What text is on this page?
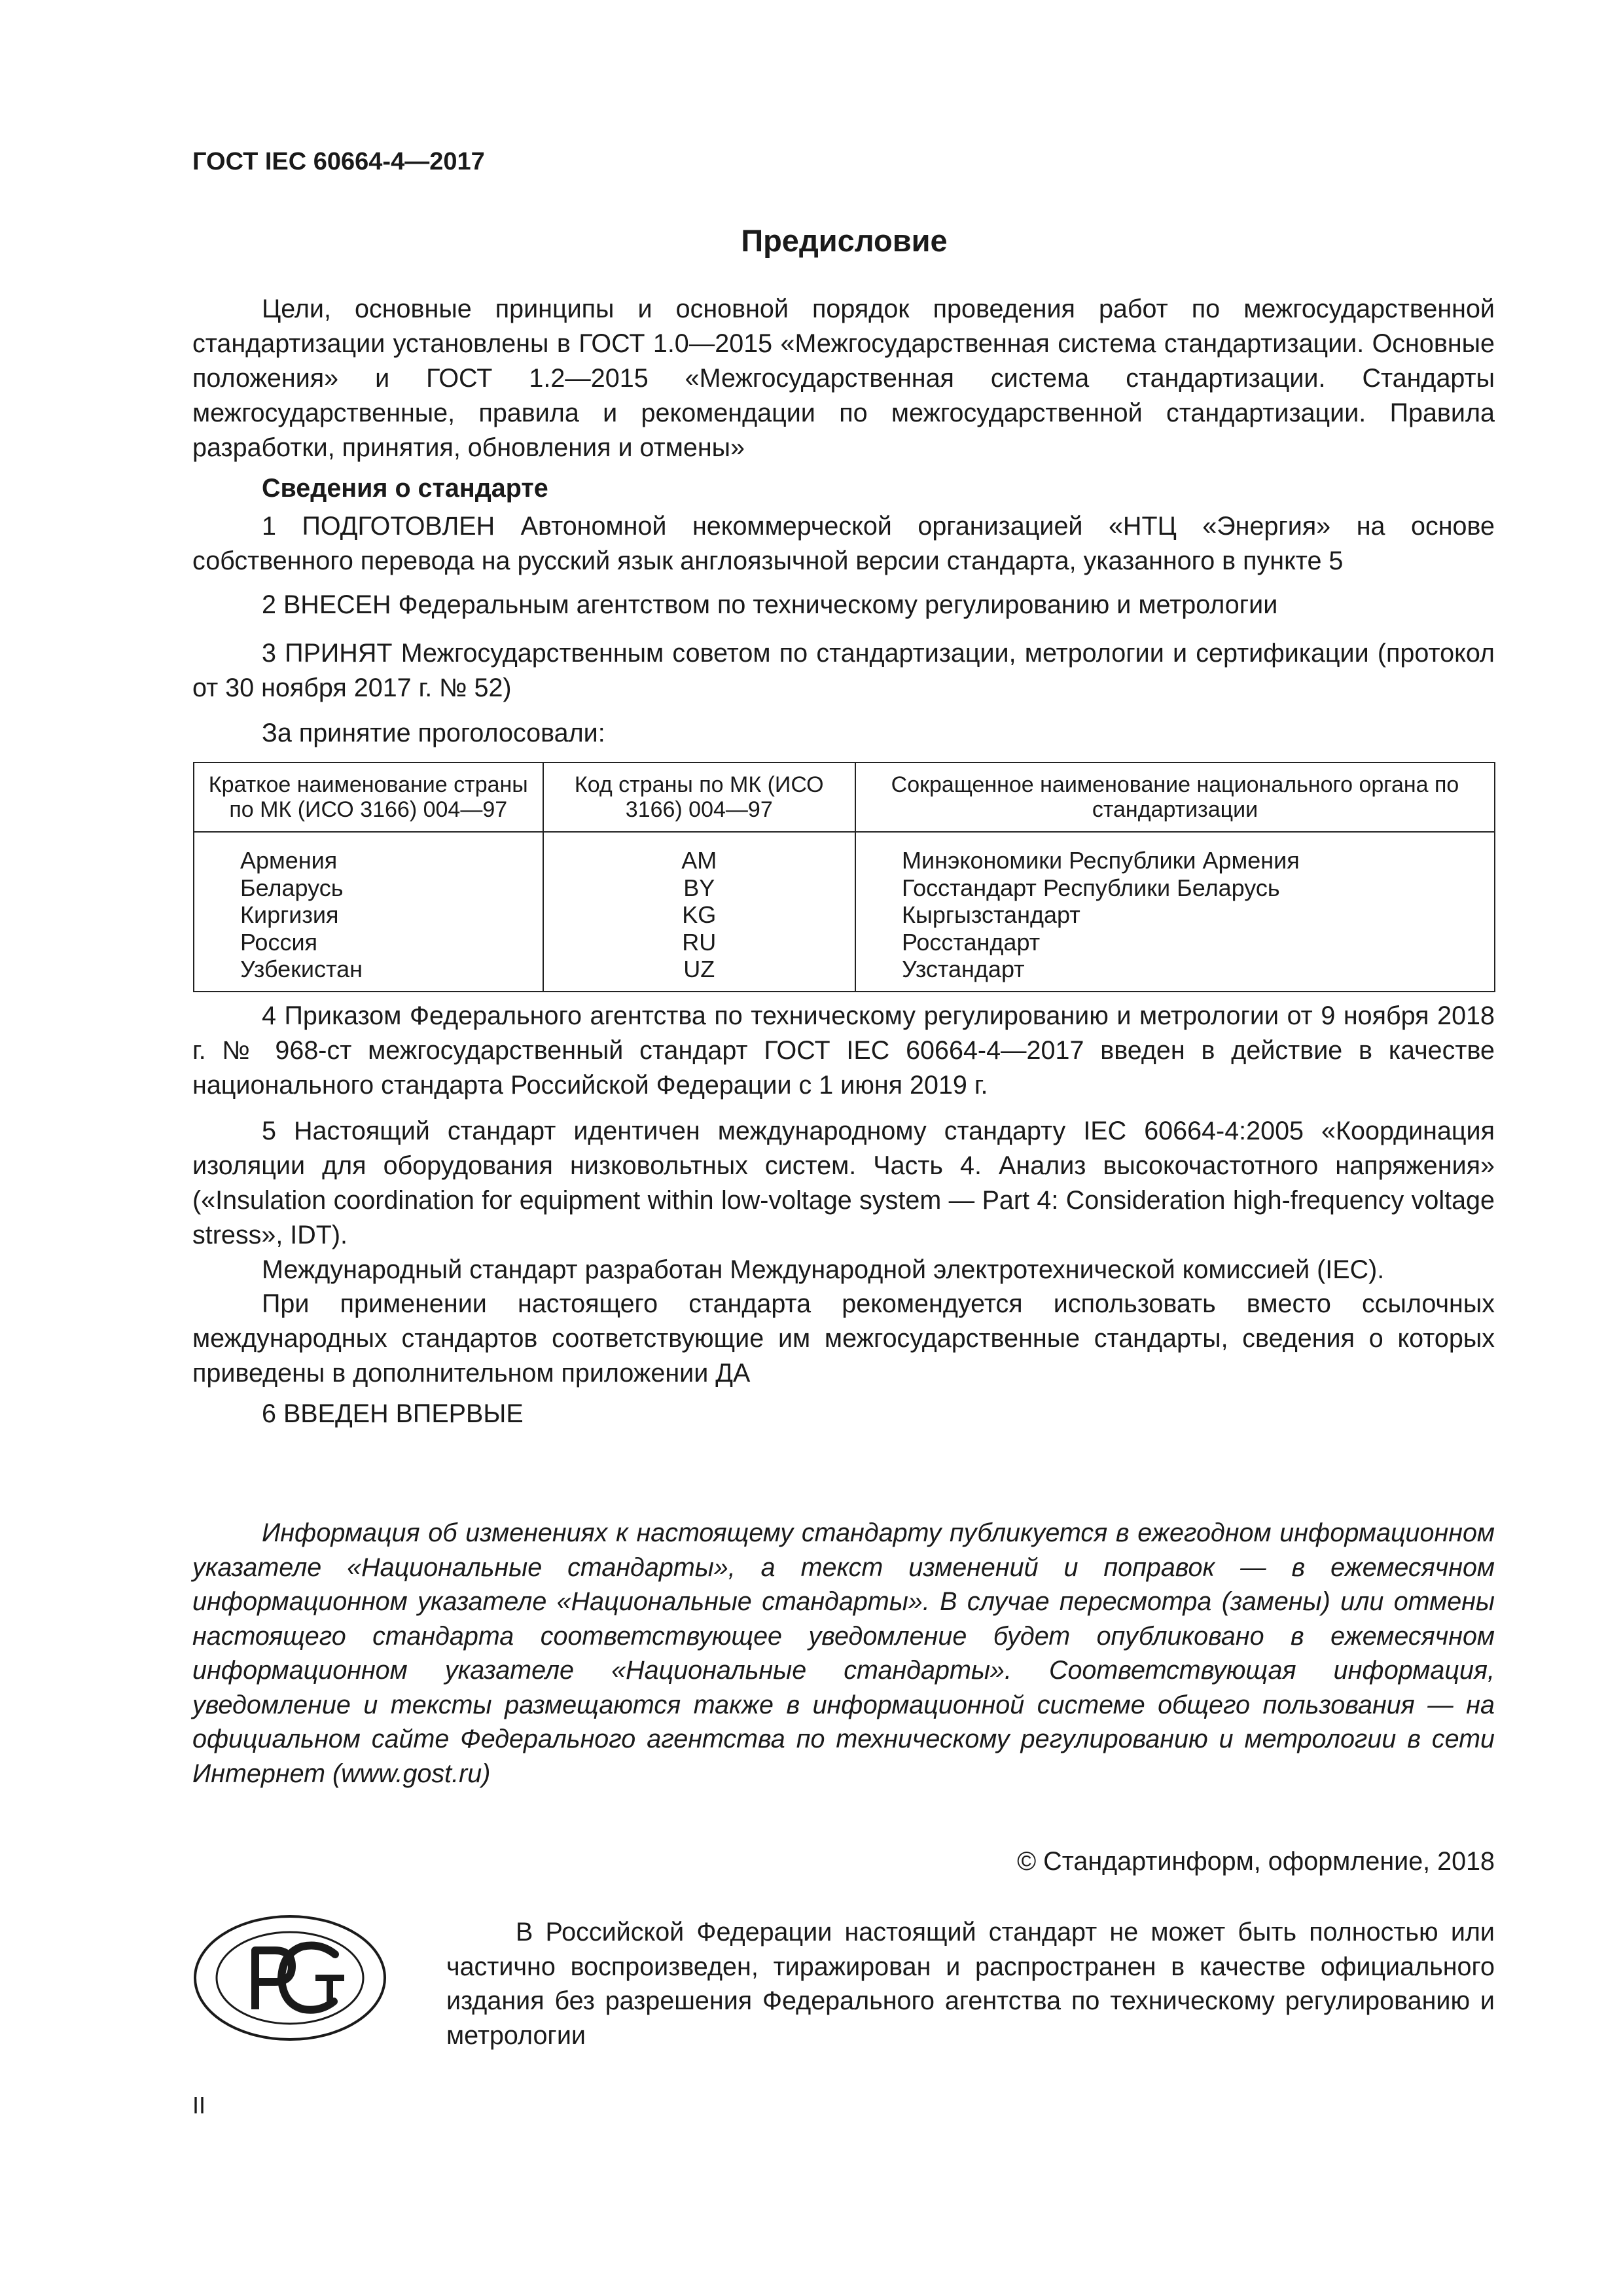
ГОСТ IEC 60664-4—2017
Предисловие

Цели, основные принципы и основной порядок проведения работ по межгосударственной стандартизации установлены в ГОСТ 1.0—2015 «Межгосударственная система стандартизации. Основные положения» и ГОСТ 1.2—2015 «Межгосударственная система стандартизации. Стандарты межгосударственные, правила и рекомендации по межгосударственной стандартизации. Правила разработки, принятия, обновления и отмены»

Сведения о стандарте

1 ПОДГОТОВЛЕН Автономной некоммерческой организацией «НТЦ «Энергия» на основе собственного перевода на русский язык англоязычной версии стандарта, указанного в пункте 5

2 ВНЕСЕН Федеральным агентством по техническому регулированию и метрологии

3 ПРИНЯТ Межгосударственным советом по стандартизации, метрологии и сертификации (протокол от 30 ноября 2017 г. № 52)

За принятие проголосовали:

Краткое наименование страны по МК (ИСО 3166) 004—97	Код страны по МК (ИСО 3166) 004—97	Сокращенное наименование национального органа по стандартизации
Армения	AM	Минэкономики Республики Армения
Беларусь	BY	Госстандарт Республики Беларусь
Киргизия	KG	Кыргызстандарт
Россия	RU	Росстандарт
Узбекистан	UZ	Узстандарт

4 Приказом Федерального агентства по техническому регулированию и метрологии от 9 ноября 2018 г. № 968-ст межгосударственный стандарт ГОСТ IEC 60664-4—2017 введен в действие в качестве национального стандарта Российской Федерации с 1 июня 2019 г.

5 Настоящий стандарт идентичен международному стандарту IEC 60664-4:2005 «Координация изоляции для оборудования низковольтных систем. Часть 4. Анализ высокочастотного напряжения» («Insulation coordination for equipment within low-voltage system — Part 4: Consideration high-frequency voltage stress», IDT).

Международный стандарт разработан Международной электротехнической комиссией (IEC).

При применении настоящего стандарта рекомендуется использовать вместо ссылочных международных стандартов соответствующие им межгосударственные стандарты, сведения о которых приведены в дополнительном приложении ДА

6 ВВЕДЕН ВПЕРВЫЕ

Информация об изменениях к настоящему стандарту публикуется в ежегодном информационном указателе «Национальные стандарты», а текст изменений и поправок — в ежемесячном информационном указателе «Национальные стандарты». В случае пересмотра (замены) или отмены настоящего стандарта соответствующее уведомление будет опубликовано в ежемесячном информационном указателе «Национальные стандарты». Соответствующая информация, уведомление и тексты размещаются также в информационной системе общего пользования — на официальном сайте Федерального агентства по техническому регулированию и метрологии в сети Интернет (www.gost.ru)

© Стандартинформ, оформление, 2018

В Российской Федерации настоящий стандарт не может быть полностью или частично воспроизведен, тиражирован и распространен в качестве официального издания без разрешения Федерального агентства по техническому регулированию и метрологии

II
